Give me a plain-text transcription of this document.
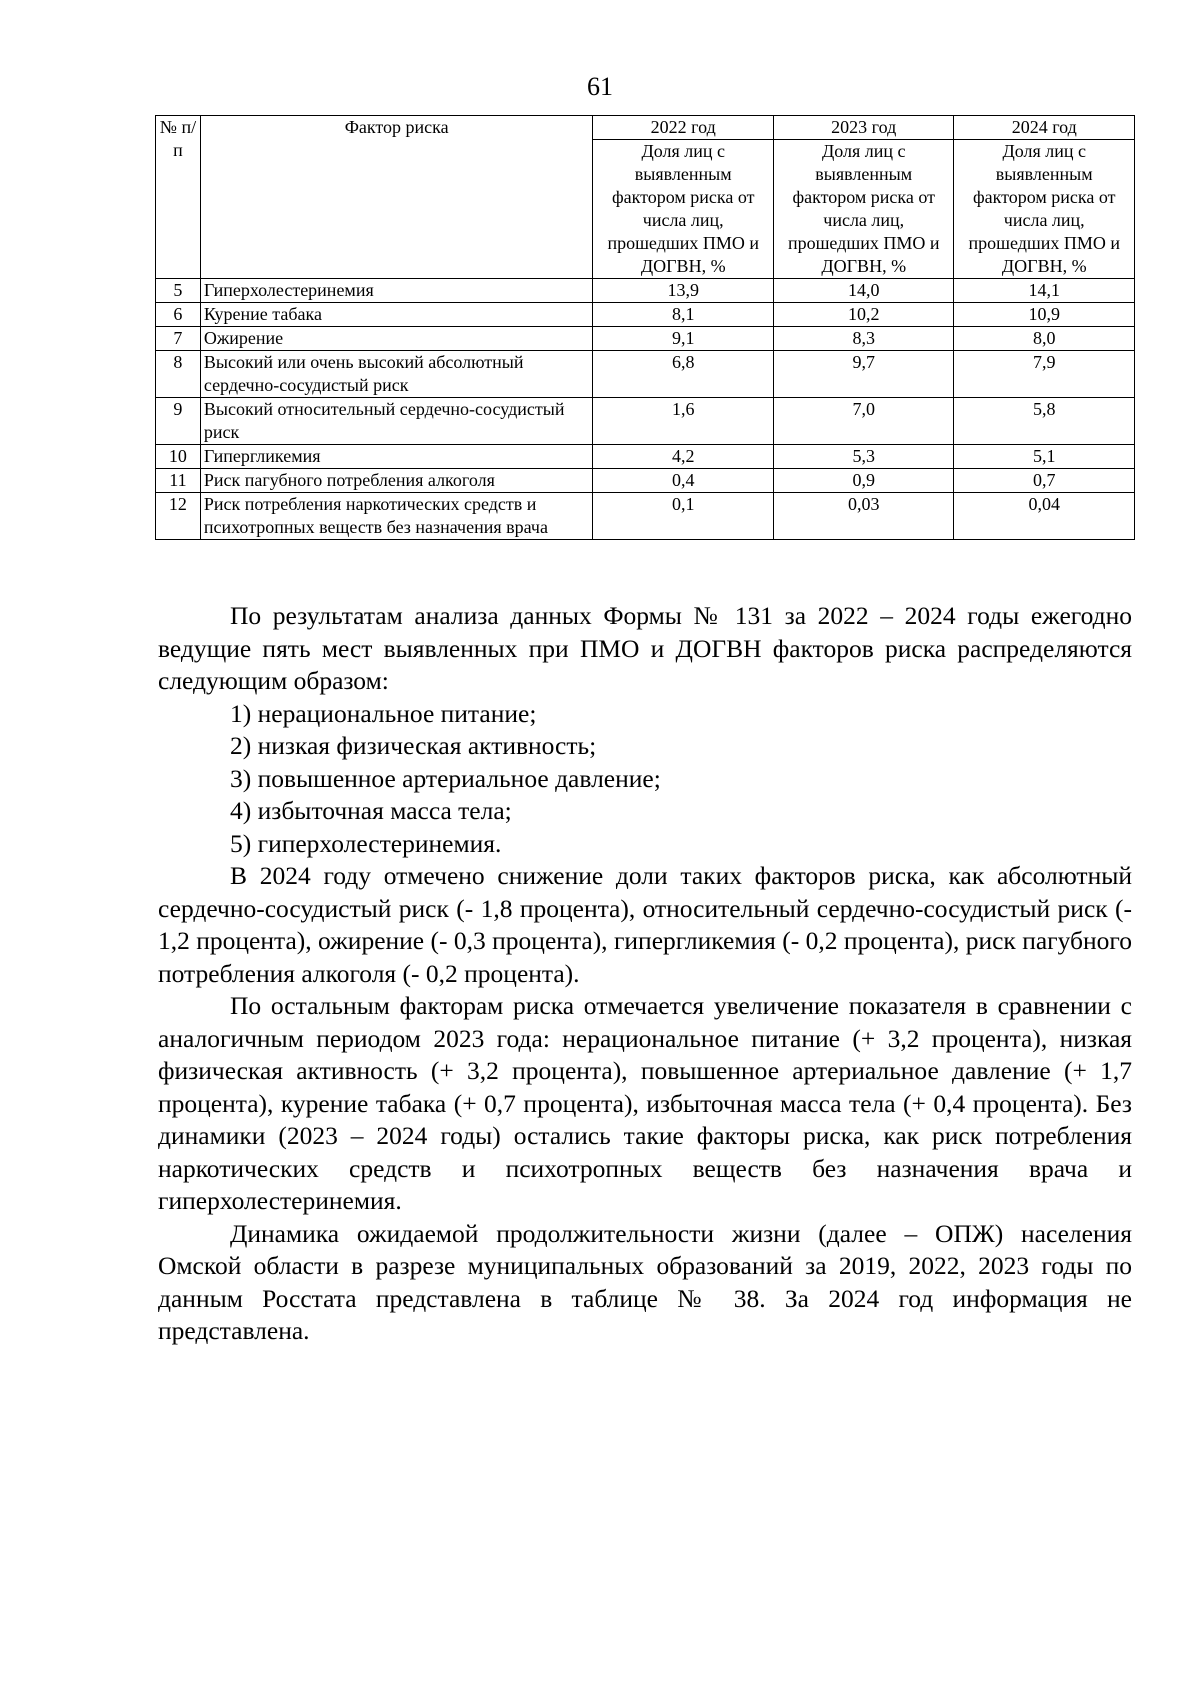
61
№ п/п	Фактор риска	2022 год	2023 год	2024 год
		Доля лиц с выявленным фактором риска от числа лиц, прошедших ПМО и ДОГВН, %	Доля лиц с выявленным фактором риска от числа лиц, прошедших ПМО и ДОГВН, %	Доля лиц с выявленным фактором риска от числа лиц, прошедших ПМО и ДОГВН, %
5	Гиперхолестеринемия	13,9	14,0	14,1
6	Курение табака	8,1	10,2	10,9
7	Ожирение	9,1	8,3	8,0
8	Высокий или очень высокий абсолютный сердечно-сосудистый риск	6,8	9,7	7,9
9	Высокий относительный сердечно-сосудистый риск	1,6	7,0	5,8
10	Гипергликемия	4,2	5,3	5,1
11	Риск пагубного потребления алкоголя	0,4	0,9	0,7
12	Риск потребления наркотических средств и психотропных веществ без назначения врача	0,1	0,03	0,04

По результатам анализа данных Формы № 131 за 2022 – 2024 годы ежегодно ведущие пять мест выявленных при ПМО и ДОГВН факторов риска распределяются следующим образом:

1) нерациональное питание;

2) низкая физическая активность;

3) повышенное артериальное давление;

4) избыточная масса тела;

5) гиперхолестеринемия.

В 2024 году отмечено снижение доли таких факторов риска, как абсолютный сердечно-сосудистый риск (- 1,8 процента), относительный сердечно-сосудистый риск (- 1,2 процента), ожирение (- 0,3 процента), гипергликемия (- 0,2 процента), риск пагубного потребления алкоголя (- 0,2 процента).

По остальным факторам риска отмечается увеличение показателя в сравнении с аналогичным периодом 2023 года: нерациональное питание (+ 3,2 процента), низкая физическая активность (+ 3,2 процента), повышенное артериальное давление (+ 1,7 процента), курение табака (+ 0,7 процента), избыточная масса тела (+ 0,4 процента). Без динамики (2023 – 2024 годы) остались такие факторы риска, как риск потребления наркотических средств и психотропных веществ без назначения врача и гиперхолестеринемия.

Динамика ожидаемой продолжительности жизни (далее – ОПЖ) населения Омской области в разрезе муниципальных образований за 2019, 2022, 2023 годы по данным Росстата представлена в таблице № 38. За 2024 год информация не представлена.
